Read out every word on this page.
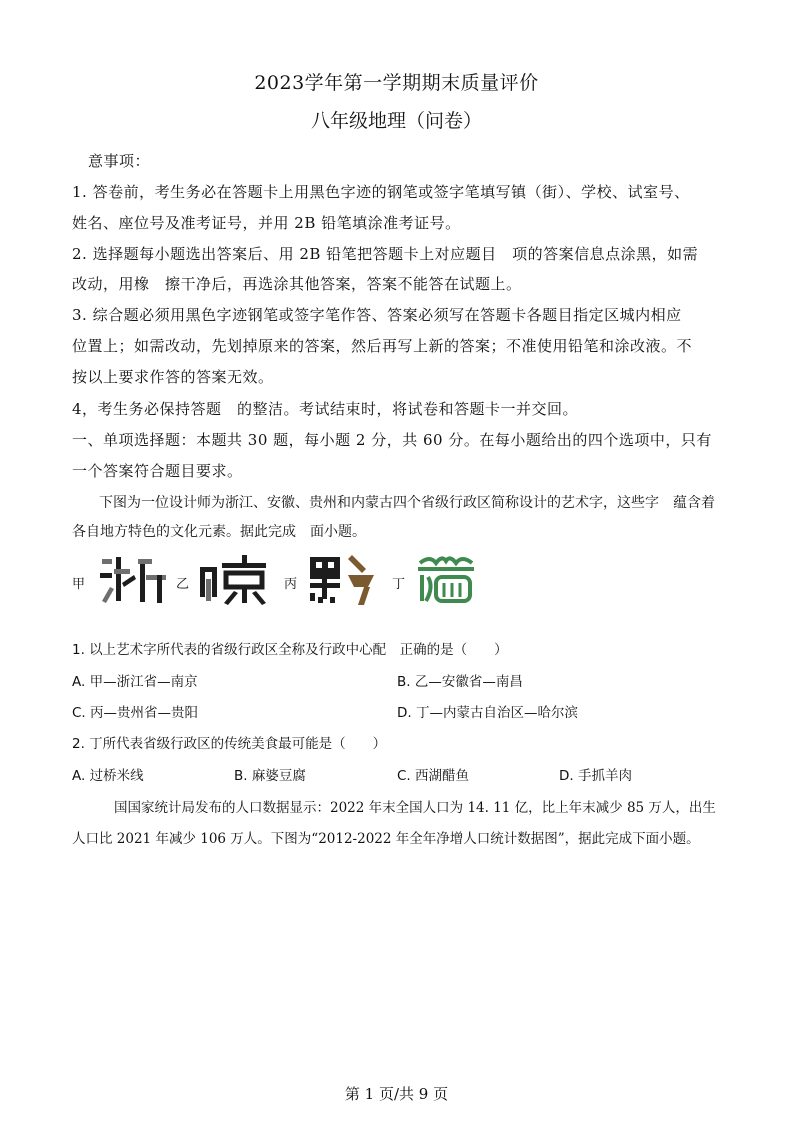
2023学年第一学期期末质量评价
八年级地理（问卷）
意事项：
1. 答卷前，考生务必在答题卡上用黑色字迹的钢笔或签字笔填写镇（街）、学校、试室号、
姓名、座位号及准考证号，并用 2B 铅笔填涂准考证号。
2. 选择题每小题选出答案后、用 2B 铅笔把答题卡上对应题目　项的答案信息点涂黑，如需
改动，用橡　擦干净后，再选涂其他答案，答案不能答在试题上。
3. 综合题必须用黑色字迹钢笔或签字笔作答、答案必须写在答题卡各题目指定区城内相应
位置上；如需改动，先划掉原来的答案，然后再写上新的答案；不准使用铅笔和涂改液。不
按以上要求作答的答案无效。
4，考生务必保持答题　的整洁。考试结束时，将试卷和答题卡一并交回。
一、单项选择题：本题共 30 题，每小题 2 分，共 60 分。在每小题给出的四个选项中，只有
一个答案符合题目要求。
下图为一位设计师为浙江、安徽、贵州和内蒙古四个省级行政区简称设计的艺术字，这些字　蕴含着
各自地方特色的文化元素。据此完成　面小题。
甲	乙	丙	丁
1. 以上艺术字所代表的省级行政区全称及行政中心配　正确的是（　　）
A. 甲—浙江省—南京	B. 乙—安徽省—南昌
C. 丙—贵州省—贵阳	D. 丁—内蒙古自治区—哈尔滨
2. 丁所代表省级行政区的传统美食最可能是（　　）
A. 过桥米线	B. 麻婆豆腐	C. 西湖醋鱼	D. 手抓羊肉
国国家统计局发布的人口数据显示：2022 年末全国人口为 14. 11 亿，比上年末减少 85 万人，出生
人口比 2021 年减少 106 万人。下图为“2012-2022 年全年净增人口统计数据图”，据此完成下面小题。
第 1 页/共 9 页
